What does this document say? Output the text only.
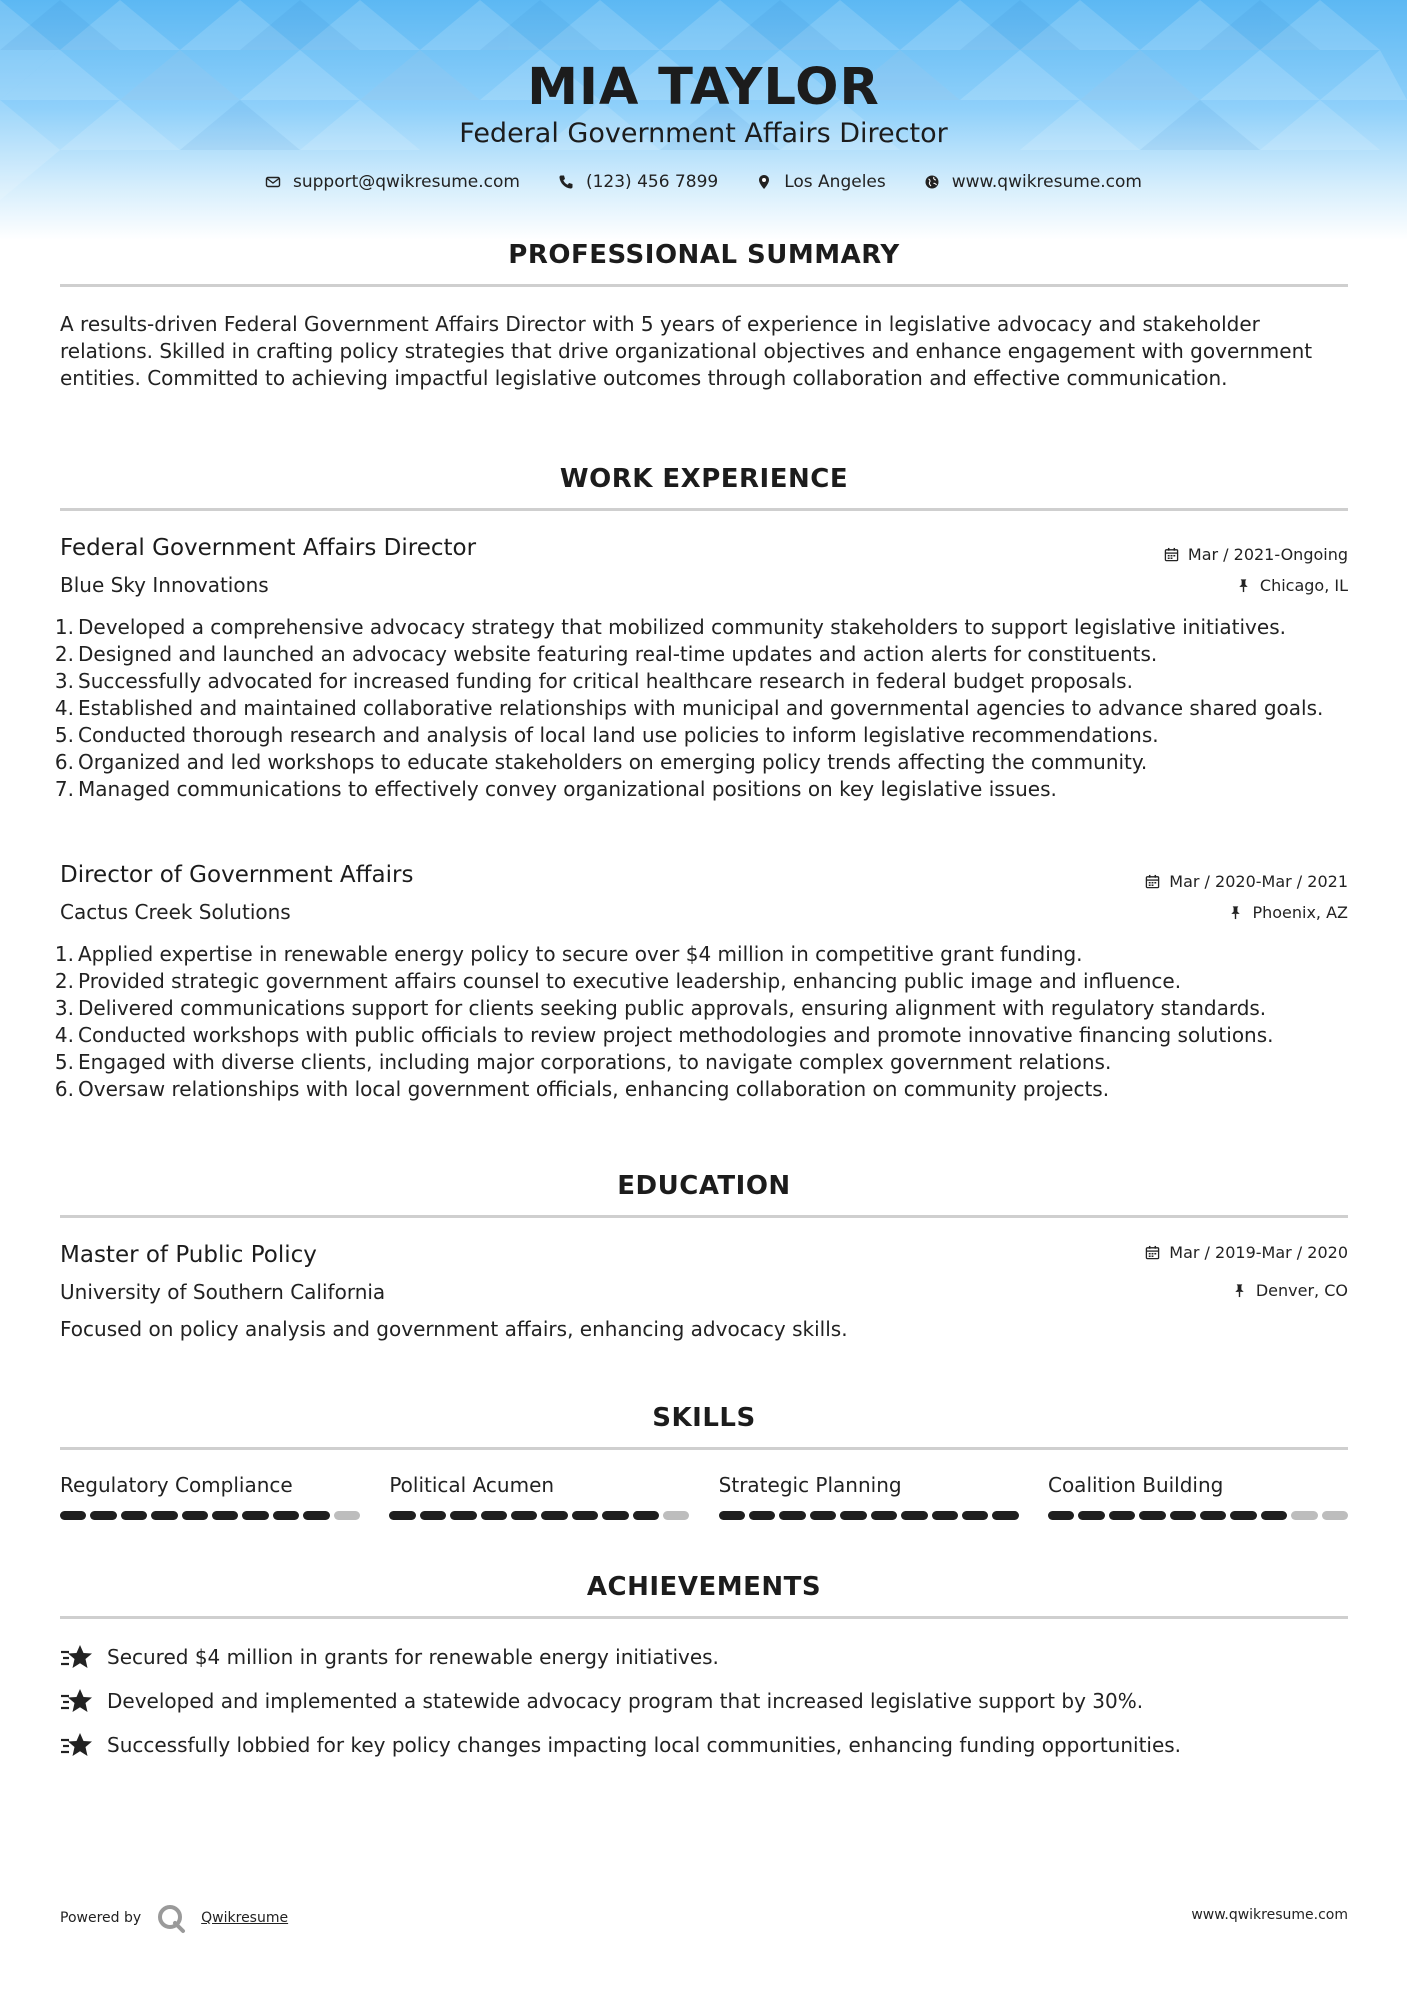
MIA TAYLOR
Federal Government Affairs Director
support@qwikresume.com	(123) 456 7899	Los Angeles	www.qwikresume.com
PROFESSIONAL SUMMARY
A results-driven Federal Government Affairs Director with 5 years of experience in legislative advocacy and stakeholder relations. Skilled in crafting policy strategies that drive organizational objectives and enhance engagement with government entities. Committed to achieving impactful legislative outcomes through collaboration and effective communication.
WORK EXPERIENCE
Federal Government Affairs Director	Mar / 2021-Ongoing
Blue Sky Innovations	Chicago, IL
Developed a comprehensive advocacy strategy that mobilized community stakeholders to support legislative initiatives.
Designed and launched an advocacy website featuring real-time updates and action alerts for constituents.
Successfully advocated for increased funding for critical healthcare research in federal budget proposals.
Established and maintained collaborative relationships with municipal and governmental agencies to advance shared goals.
Conducted thorough research and analysis of local land use policies to inform legislative recommendations.
Organized and led workshops to educate stakeholders on emerging policy trends affecting the community.
Managed communications to effectively convey organizational positions on key legislative issues.
Director of Government Affairs	Mar / 2020-Mar / 2021
Cactus Creek Solutions	Phoenix, AZ
Applied expertise in renewable energy policy to secure over $4 million in competitive grant funding.
Provided strategic government affairs counsel to executive leadership, enhancing public image and influence.
Delivered communications support for clients seeking public approvals, ensuring alignment with regulatory standards.
Conducted workshops with public officials to review project methodologies and promote innovative financing solutions.
Engaged with diverse clients, including major corporations, to navigate complex government relations.
Oversaw relationships with local government officials, enhancing collaboration on community projects.
EDUCATION
Master of Public Policy	Mar / 2019-Mar / 2020
University of Southern California	Denver, CO
Focused on policy analysis and government affairs, enhancing advocacy skills.
SKILLS
Regulatory Compliance	Political Acumen	Strategic Planning	Coalition Building
ACHIEVEMENTS
Secured $4 million in grants for renewable energy initiatives.
Developed and implemented a statewide advocacy program that increased legislative support by 30%.
Successfully lobbied for key policy changes impacting local communities, enhancing funding opportunities.
Powered by	Qwikresume	www.qwikresume.com
